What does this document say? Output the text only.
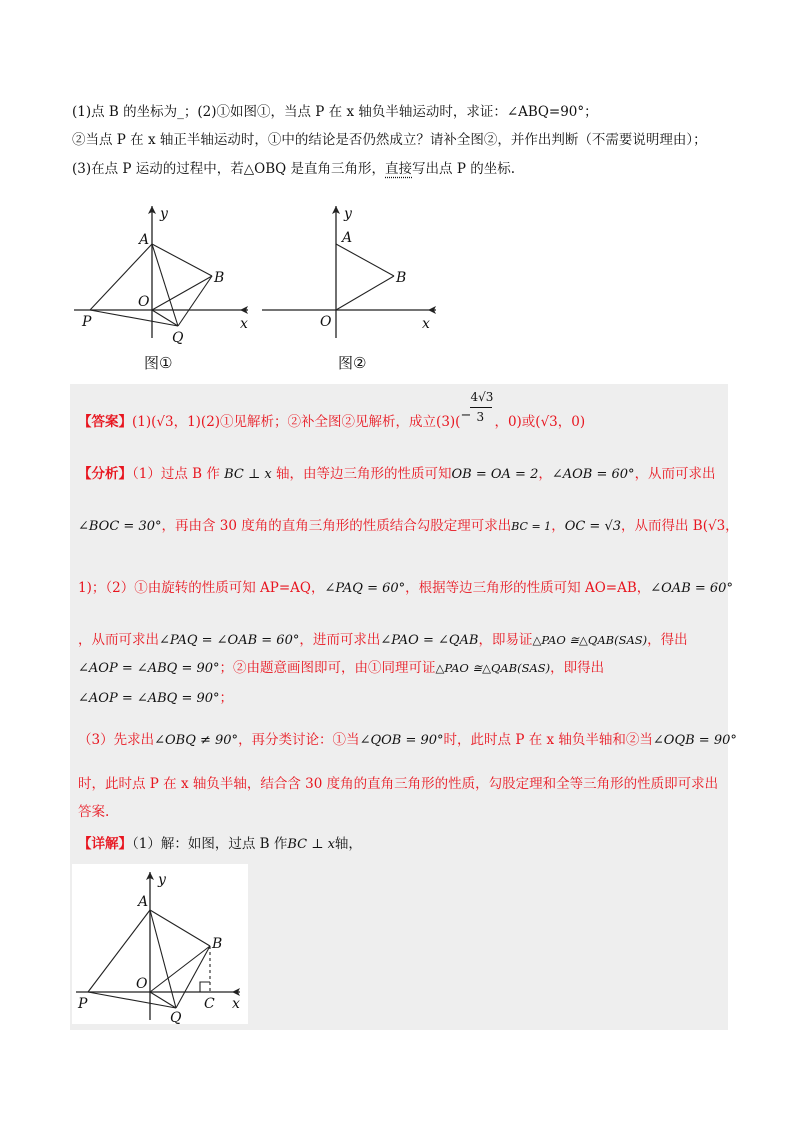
(1)点 B 的坐标为_；(2)①如图①，当点 P 在 x 轴负半轴运动时，求证：∠ABQ=90°；
②当点 P 在 x 轴正半轴运动时，①中的结论是否仍然成立？请补全图②，并作出判断（不需要说明理由）；
(3)在点 P 运动的过程中，若△OBQ 是直角三角形，直接写出点 P 的坐标.
y
x
A
B
O
P
Q
图①
y
x
A
B
O
图②
【答案】(1)(√3，1)(2)①见解析；②补全图②见解析，成立(3)( −
4√3
3 ，0)或(√3，0)
【分析】（1）过点 B 作 BC ⊥ x 轴，由等边三角形的性质可知OB = OA = 2，∠AOB = 60°，从而可求出
∠BOC = 30°，再由含 30 度角的直角三角形的性质结合勾股定理可求出BC = 1，OC = √3，从而得出 B(√3，
1)；（2）①由旋转的性质可知 AP=AQ，∠PAQ = 60°，根据等边三角形的性质可知 AO=AB，∠OAB = 60°
，从而可求出∠PAQ = ∠OAB = 60°，进而可求出∠PAO = ∠QAB，即易证△PAO ≅△QAB(SAS)，得出
∠AOP = ∠ABQ = 90°；②由题意画图即可，由①同理可证△PAO ≅△QAB(SAS)，即得出
∠AOP = ∠ABQ = 90°；
（3）先求出∠OBQ ≠ 90°，再分类讨论：①当∠QOB = 90°时，此时点 P 在 x 轴负半轴和②当∠OQB = 90°
时，此时点 P 在 x 轴负半轴，结合含 30 度角的直角三角形的性质，勾股定理和全等三角形的性质即可求出
答案.
【详解】（1）解：如图，过点 B 作BC ⊥ x轴，
y
x
A
B
O
P
Q
C
